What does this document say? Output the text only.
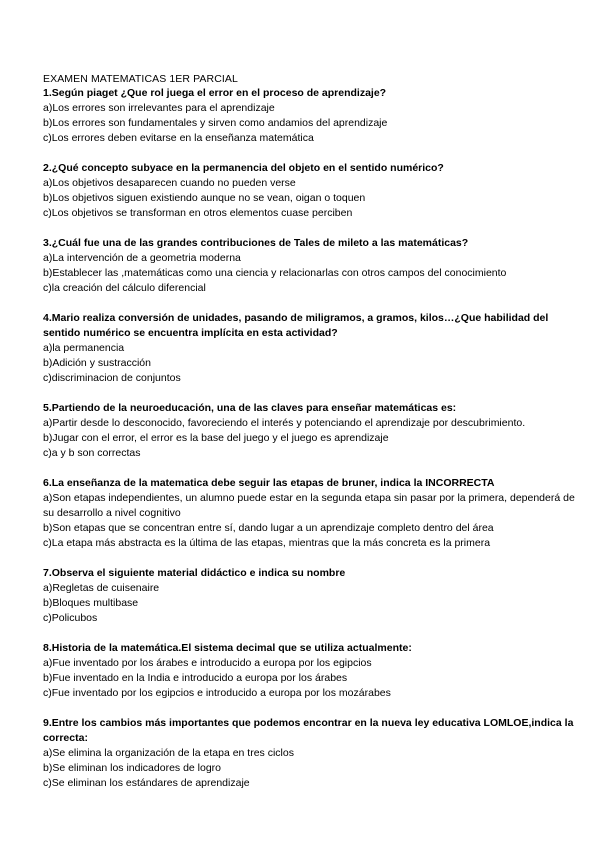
EXAMEN MATEMATICAS 1ER PARCIAL

1.Según piaget ¿Que rol juega el error en el proceso de aprendizaje?

a)Los errores son irrelevantes para el aprendizaje

b)Los errores son fundamentales y sirven como andamios del aprendizaje

c)Los errores deben evitarse en la enseñanza matemática

2.¿Qué concepto subyace en la permanencia del objeto en el sentido numérico?

a)Los objetivos desaparecen cuando no pueden verse

b)Los objetivos siguen existiendo aunque no se vean, oigan o toquen

c)Los objetivos se transforman en otros elementos cuase perciben

3.¿Cuál fue una de las grandes contribuciones de Tales de mileto a las matemáticas?

a)La intervención de a geometria moderna

b)Establecer las ,matemáticas como una ciencia y relacionarlas con otros campos del conocimiento

c)la creación del cálculo diferencial

4.Mario realiza conversión de unidades, pasando de miligramos, a gramos, kilos…¿Que habilidad del sentido numérico se encuentra implícita en esta actividad?

a)la permanencia

b)Adición y sustracción

c)discriminacion de conjuntos

5.Partiendo de la neuroeducación, una de las claves para enseñar matemáticas es:

a)Partir desde lo desconocido, favoreciendo el interés y potenciando el aprendizaje por descubrimiento.

b)Jugar con el error, el error es la base del juego y el juego es aprendizaje

c)a y b son correctas

6.La enseñanza de la matematica debe seguir las etapas de bruner, indica la INCORRECTA

a)Son etapas independientes, un alumno puede estar en la segunda etapa sin pasar por la primera, dependerá de su desarrollo a nivel cognitivo

b)Son etapas que se concentran entre sí, dando lugar a un aprendizaje completo dentro del área

c)La etapa más abstracta es la última de las etapas, mientras que la más concreta es la primera

7.Observa el siguiente material didáctico e indica su nombre

a)Regletas de cuisenaire

b)Bloques multibase

c)Policubos

8.Historia de la matemática.El sistema decimal que se utiliza actualmente:

a)Fue inventado por los árabes e introducido a europa por los egipcios

b)Fue inventado en la India e introducido a europa por los árabes

c)Fue inventado por los egipcios e introducido a europa por los mozárabes

9.Entre los cambios más importantes que podemos encontrar en la nueva ley educativa LOMLOE,indica la correcta:

a)Se elimina la organización de la etapa en tres ciclos

b)Se eliminan los indicadores de logro

c)Se eliminan los estándares de aprendizaje
